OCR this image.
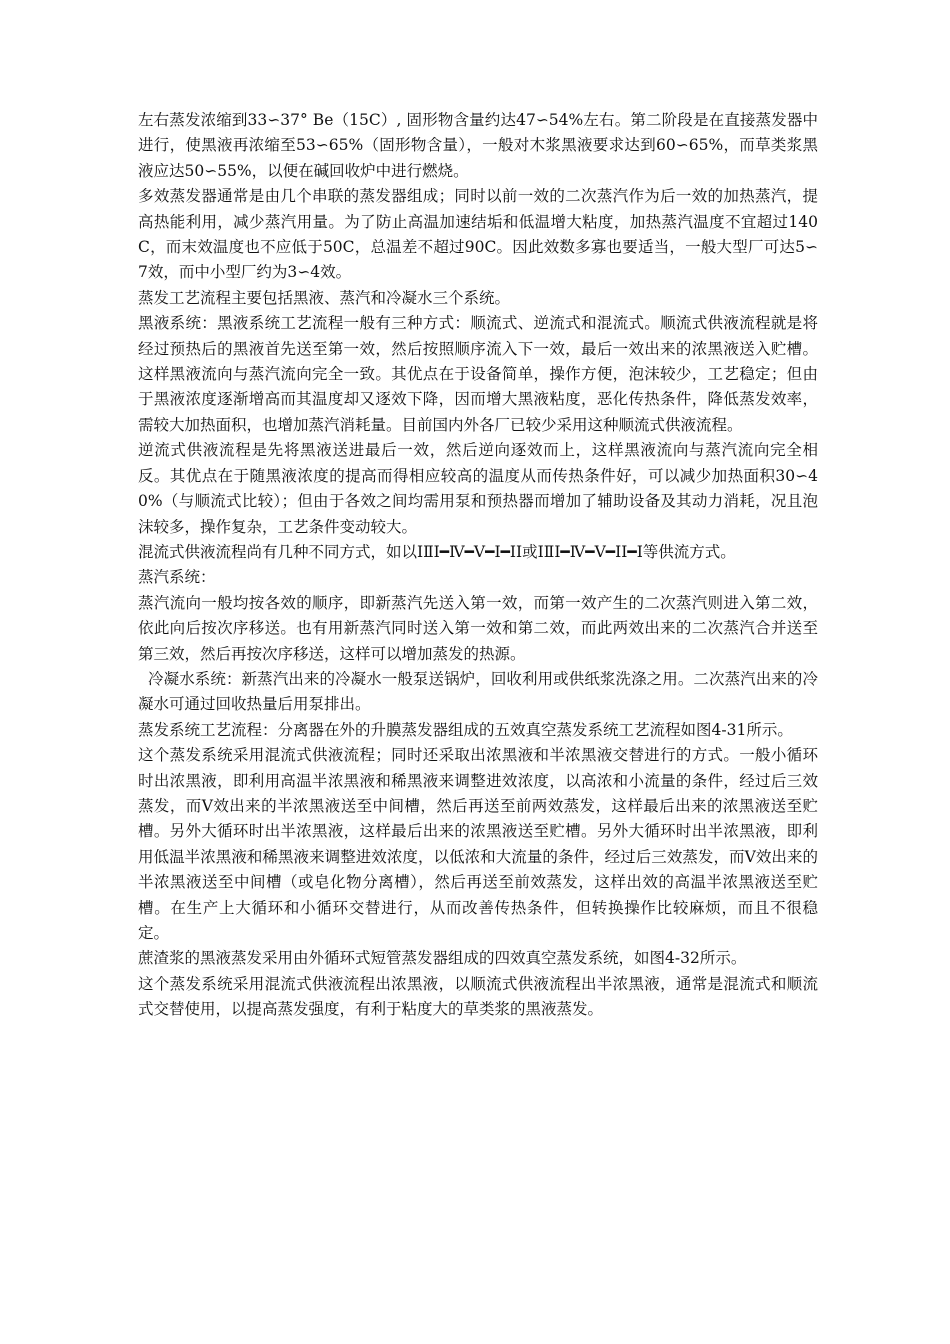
左右蒸发浓缩到33∽37° Be（15C）, 固形物含量约达47∽54%左右。第二阶段是在直接蒸发器中进行，使黑液再浓缩至53∽65%（固形物含量），一般对木浆黑液要求达到60∽65%，而草类浆黑液应达50∽55%，以便在碱回收炉中进行燃烧。

多效蒸发器通常是由几个串联的蒸发器组成；同时以前一效的二次蒸汽作为后一效的加热蒸汽，提高热能利用，减少蒸汽用量。为了防止高温加速结垢和低温增大粘度，加热蒸汽温度不宜超过140C，而末效温度也不应低于50C，总温差不超过90C。因此效数多寡也要适当，一般大型厂可达5∽7效，而中小型厂约为3∽4效。

蒸发工艺流程主要包括黑液、蒸汽和冷凝水三个系统。

黑液系统：黑液系统工艺流程一般有三种方式：顺流式、逆流式和混流式。顺流式供液流程就是将经过预热后的黑液首先送至第一效，然后按照顺序流入下一效，最后一效出来的浓黑液送入贮槽。这样黑液流向与蒸汽流向完全一致。其优点在于设备简单，操作方便，泡沫较少，工艺稳定；但由于黑液浓度逐渐增高而其温度却又逐效下降，因而增大黑液粘度，恶化传热条件，降低蒸发效率，需较大加热面积，也增加蒸汽消耗量。目前国内外各厂已较少采用这种顺流式供液流程。

逆流式供液流程是先将黑液送进最后一效，然后逆向逐效而上，这样黑液流向与蒸汽流向完全相反。其优点在于随黑液浓度的提高而得相应较高的温度从而传热条件好，可以减少加热面积30∽40%（与顺流式比较）；但由于各效之间均需用泵和预热器而增加了辅助设备及其动力消耗，况且泡沫较多，操作复杂，工艺条件变动较大。

混流式供液流程尚有几种不同方式，如以ⅠⅡⅠ━Ⅳ━Ⅴ━Ⅰ━ⅠⅠ或ⅠⅡⅠ━Ⅳ━Ⅴ━ⅠⅠ━Ⅰ等供流方式。

蒸汽系统：

蒸汽流向一般均按各效的顺序，即新蒸汽先送入第一效，而第一效产生的二次蒸汽则进入第二效，依此向后按次序移送。也有用新蒸汽同时送入第一效和第二效，而此两效出来的二次蒸汽合并送至第三效，然后再按次序移送，这样可以增加蒸发的热源。

冷凝水系统：新蒸汽出来的冷凝水一般泵送锅炉，回收利用或供纸浆洗涤之用。二次蒸汽出来的冷凝水可通过回收热量后用泵排出。

蒸发系统工艺流程：分离器在外的升膜蒸发器组成的五效真空蒸发系统工艺流程如图4-31所示。

这个蒸发系统采用混流式供液流程；同时还采取出浓黑液和半浓黑液交替进行的方式。一般小循环时出浓黑液，即利用高温半浓黑液和稀黑液来调整进效浓度，以高浓和小流量的条件，经过后三效蒸发，而Ⅴ效出来的半浓黑液送至中间槽，然后再送至前两效蒸发，这样最后出来的浓黑液送至贮槽。另外大循环时出半浓黑液，这样最后出来的浓黑液送至贮槽。另外大循环时出半浓黑液，即利用低温半浓黑液和稀黑液来调整进效浓度，以低浓和大流量的条件，经过后三效蒸发，而Ⅴ效出来的半浓黑液送至中间槽（或皂化物分离槽），然后再送至前效蒸发，这样出效的高温半浓黑液送至贮槽。在生产上大循环和小循环交替进行，从而改善传热条件，但转换操作比较麻烦，而且不很稳定。

蔗渣浆的黑液蒸发采用由外循环式短管蒸发器组成的四效真空蒸发系统，如图4-32所示。

这个蒸发系统采用混流式供液流程出浓黑液，以顺流式供液流程出半浓黑液，通常是混流式和顺流式交替使用，以提高蒸发强度，有利于粘度大的草类浆的黑液蒸发。
